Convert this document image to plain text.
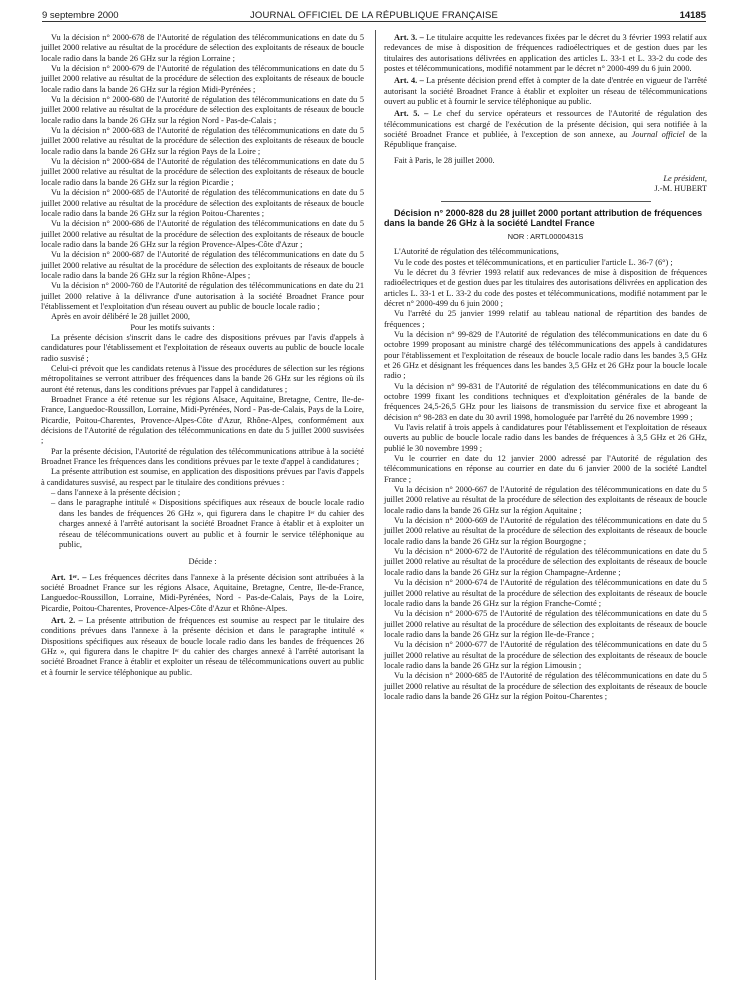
9 septembre 2000	JOURNAL OFFICIEL DE LA RÉPUBLIQUE FRANÇAISE	14185

Vu la décision n° 2000-678 de l'Autorité de régulation des télécommunications en date du 5 juillet 2000 relative au résultat de la procédure de sélection des exploitants de réseaux de boucle locale radio dans la bande 26 GHz sur la région Lorraine ;

Vu la décision n° 2000-679 de l'Autorité de régulation des télécommunications en date du 5 juillet 2000 relative au résultat de la procédure de sélection des exploitants de réseaux de boucle locale radio dans la bande 26 GHz sur la région Midi-Pyrénées ;

Vu la décision n° 2000-680 de l'Autorité de régulation des télécommunications en date du 5 juillet 2000 relative au résultat de la procédure de sélection des exploitants de réseaux de boucle locale radio dans la bande 26 GHz sur la région Nord - Pas-de-Calais ;

Vu la décision n° 2000-683 de l'Autorité de régulation des télécommunications en date du 5 juillet 2000 relative au résultat de la procédure de sélection des exploitants de réseaux de boucle locale radio dans la bande 26 GHz sur la région Pays de la Loire ;

Vu la décision n° 2000-684 de l'Autorité de régulation des télécommunications en date du 5 juillet 2000 relative au résultat de la procédure de sélection des exploitants de réseaux de boucle locale radio dans la bande 26 GHz sur la région Picardie ;

Vu la décision n° 2000-685 de l'Autorité de régulation des télécommunications en date du 5 juillet 2000 relative au résultat de la procédure de sélection des exploitants de réseaux de boucle locale radio dans la bande 26 GHz sur la région Poitou-Charentes ;

Vu la décision n° 2000-686 de l'Autorité de régulation des télécommunications en date du 5 juillet 2000 relative au résultat de la procédure de sélection des exploitants de réseaux de boucle locale radio dans la bande 26 GHz sur la région Provence-Alpes-Côte d'Azur ;

Vu la décision n° 2000-687 de l'Autorité de régulation des télécommunications en date du 5 juillet 2000 relative au résultat de la procédure de sélection des exploitants de réseaux de boucle locale radio dans la bande 26 GHz sur la région Rhône-Alpes ;

Vu la décision n° 2000-760 de l'Autorité de régulation des télécommunications en date du 21 juillet 2000 relative à la délivrance d'une autorisation à la société Broadnet France pour l'établissement et l'exploitation d'un réseau ouvert au public de boucle locale radio ;

Après en avoir délibéré le 28 juillet 2000,

Pour les motifs suivants :

La présente décision s'inscrit dans le cadre des dispositions prévues par l'avis d'appels à candidatures pour l'établissement et l'exploitation de réseaux ouverts au public de boucle locale radio susvisé ;

Celui-ci prévoit que les candidats retenus à l'issue des procédures de sélection sur les régions métropolitaines se verront attribuer des fréquences dans la bande 26 GHz sur les régions où ils auront été retenus, dans les conditions prévues par l'appel à candidatures ;

Broadnet France a été retenue sur les régions Alsace, Aquitaine, Bretagne, Centre, Ile-de-France, Languedoc-Roussillon, Lorraine, Midi-Pyrénées, Nord - Pas-de-Calais, Pays de la Loire, Picardie, Poitou-Charentes, Provence-Alpes-Côte d'Azur, Rhône-Alpes, conformément aux décisions de l'Autorité de régulation des télécommunications en date du 5 juillet 2000 susvisées ;

Par la présente décision, l'Autorité de régulation des télécommunications attribue à la société Broadnet France les fréquences dans les conditions prévues par le texte d'appel à candidatures ;

La présente attribution est soumise, en application des dispositions prévues par l'avis d'appels à candidatures susvisé, au respect par le titulaire des conditions prévues :

– dans l'annexe à la présente décision ;

– dans le paragraphe intitulé « Dispositions spécifiques aux réseaux de boucle locale radio dans les bandes de fréquences 26 GHz », qui figurera dans le chapitre Iᵉʳ du cahier des charges annexé à l'arrêté autorisant la société Broadnet France à établir et à exploiter un réseau de télécommunications ouvert au public et à fournir le service téléphonique au public,

Décide :

Art. 1ᵉʳ. – Les fréquences décrites dans l'annexe à la présente décision sont attribuées à la société Broadnet France sur les régions Alsace, Aquitaine, Bretagne, Centre, Ile-de-France, Languedoc-Roussillon, Lorraine, Midi-Pyrénées, Nord - Pas-de-Calais, Pays de la Loire, Picardie, Poitou-Charentes, Provence-Alpes-Côte d'Azur et Rhône-Alpes.

Art. 2. – La présente attribution de fréquences est soumise au respect par le titulaire des conditions prévues dans l'annexe à la présente décision et dans le paragraphe intitulé « Dispositions spécifiques aux réseaux de boucle locale radio dans les bandes de fréquences 26 GHz », qui figurera dans le chapitre Iᵉʳ du cahier des charges annexé à l'arrêté autorisant la société Broadnet France à établir et exploiter un réseau de télécommunications ouvert au public et à fournir le service téléphonique au public.

Art. 3. – Le titulaire acquitte les redevances fixées par le décret du 3 février 1993 relatif aux redevances de mise à disposition de fréquences radioélectriques et de gestion dues par les titulaires des autorisations délivrées en application des articles L. 33-1 et L. 33-2 du code des postes et télécommunications, modifié notamment par le décret n° 2000-499 du 6 juin 2000.

Art. 4. – La présente décision prend effet à compter de la date d'entrée en vigueur de l'arrêté autorisant la société Broadnet France à établir et exploiter un réseau de télécommunications ouvert au public et à fournir le service téléphonique au public.

Art. 5. – Le chef du service opérateurs et ressources de l'Autorité de régulation des télécommunications est chargé de l'exécution de la présente décision, qui sera notifiée à la société Broadnet France et publiée, à l'exception de son annexe, au Journal officiel de la République française.

Fait à Paris, le 28 juillet 2000.

Le président,
J.-M. HUBERT

Décision n° 2000-828 du 28 juillet 2000 portant attribution de fréquences dans la bande 26 GHz à la société Landtel France

NOR : ARTL0000431S

L'Autorité de régulation des télécommunications,

Vu le code des postes et télécommunications, et en particulier l'article L. 36-7 (6°) ;

Vu le décret du 3 février 1993 relatif aux redevances de mise à disposition de fréquences radioélectriques et de gestion dues par les titulaires des autorisations délivrées en application des articles L. 33-1 et L. 33-2 du code des postes et télécommunications, modifié notamment par le décret n° 2000-499 du 6 juin 2000 ;

Vu l'arrêté du 25 janvier 1999 relatif au tableau national de répartition des bandes de fréquences ;

Vu la décision n° 99-829 de l'Autorité de régulation des télécommunications en date du 6 octobre 1999 proposant au ministre chargé des télécommunications des appels à candidatures pour l'établissement et l'exploitation de réseaux de boucle locale radio dans les bandes 3,5 GHz et 26 GHz et désignant les fréquences dans les bandes 3,5 GHz et 26 GHz pour la boucle locale radio ;

Vu la décision n° 99-831 de l'Autorité de régulation des télécommunications en date du 6 octobre 1999 fixant les conditions techniques et d'exploitation générales de la bande de fréquences 24,5-26,5 GHz pour les liaisons de transmission du service fixe et abrogeant la décision n° 98-283 en date du 30 avril 1998, homologuée par l'arrêté du 26 novembre 1999 ;

Vu l'avis relatif à trois appels à candidatures pour l'établissement et l'exploitation de réseaux ouverts au public de boucle locale radio dans les bandes de fréquences à 3,5 GHz et 26 GHz, publié le 30 novembre 1999 ;

Vu le courrier en date du 12 janvier 2000 adressé par l'Autorité de régulation des télécommunications en réponse au courrier en date du 6 janvier 2000 de la société Landtel France ;

Vu la décision n° 2000-667 de l'Autorité de régulation des télécommunications en date du 5 juillet 2000 relative au résultat de la procédure de sélection des exploitants de réseaux de boucle locale radio dans la bande 26 GHz sur la région Aquitaine ;

Vu la décision n° 2000-669 de l'Autorité de régulation des télécommunications en date du 5 juillet 2000 relative au résultat de la procédure de sélection des exploitants de réseaux de boucle locale radio dans la bande 26 GHz sur la région Bourgogne ;

Vu la décision n° 2000-672 de l'Autorité de régulation des télécommunications en date du 5 juillet 2000 relative au résultat de la procédure de sélection des exploitants de réseaux de boucle locale radio dans la bande 26 GHz sur la région Champagne-Ardenne ;

Vu la décision n° 2000-674 de l'Autorité de régulation des télécommunications en date du 5 juillet 2000 relative au résultat de la procédure de sélection des exploitants de réseaux de boucle locale radio dans la bande 26 GHz sur la région Franche-Comté ;

Vu la décision n° 2000-675 de l'Autorité de régulation des télécommunications en date du 5 juillet 2000 relative au résultat de la procédure de sélection des exploitants de réseaux de boucle locale radio dans la bande 26 GHz sur la région Ile-de-France ;

Vu la décision n° 2000-677 de l'Autorité de régulation des télécommunications en date du 5 juillet 2000 relative au résultat de la procédure de sélection des exploitants de réseaux de boucle locale radio dans la bande 26 GHz sur la région Limousin ;

Vu la décision n° 2000-685 de l'Autorité de régulation des télécommunications en date du 5 juillet 2000 relative au résultat de la procédure de sélection des exploitants de réseaux de boucle locale radio dans la bande 26 GHz sur la région Poitou-Charentes ;
